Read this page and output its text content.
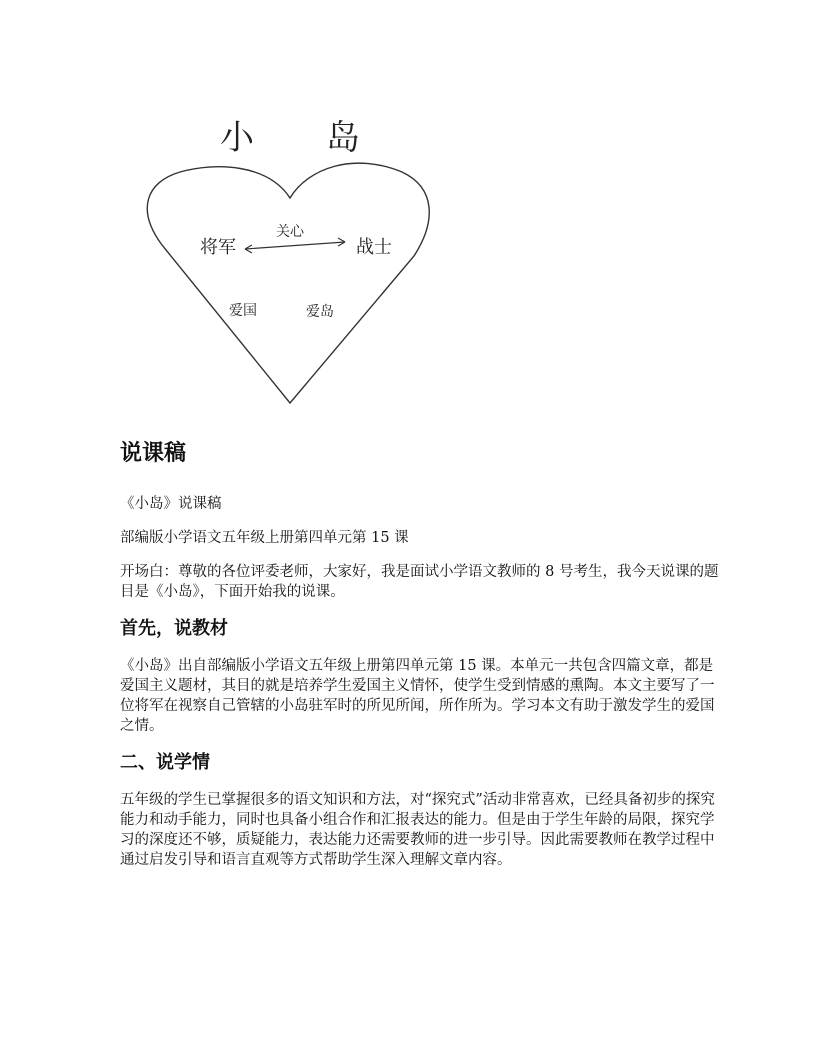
小 岛
将军	战士
关心
爱国	爱岛
说课稿

《小岛》说课稿

部编版小学语文五年级上册第四单元第 15 课

开场白：尊敬的各位评委老师，大家好，我是面试小学语文教师的 8 号考生，我今天说课的题目是《小岛》，下面开始我的说课。

首先，说教材

《小岛》出自部编版小学语文五年级上册第四单元第 15 课。本单元一共包含四篇文章，都是爱国主义题材，其目的就是培养学生爱国主义情怀，使学生受到情感的熏陶。本文主要写了一位将军在视察自己管辖的小岛驻军时的所见所闻，所作所为。学习本文有助于激发学生的爱国之情。

二、说学情

五年级的学生已掌握很多的语文知识和方法，对“探究式”活动非常喜欢，已经具备初步的探究能力和动手能力，同时也具备小组合作和汇报表达的能力。但是由于学生年龄的局限，探究学习的深度还不够，质疑能力，表达能力还需要教师的进一步引导。因此需要教师在教学过程中通过启发引导和语言直观等方式帮助学生深入理解文章内容。
